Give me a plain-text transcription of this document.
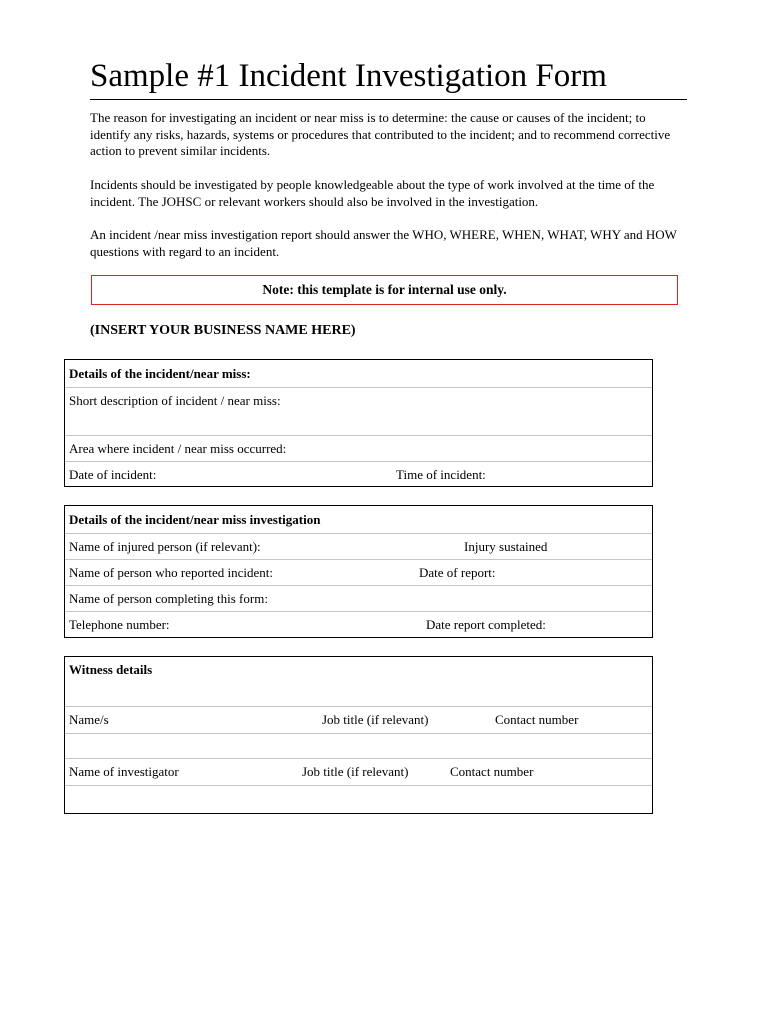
Sample #1 Incident Investigation Form

The reason for investigating an incident or near miss is to determine: the cause or causes of the incident; to identify any risks, hazards, systems or procedures that contributed to the incident; and to recommend corrective action to prevent similar incidents.

Incidents should be investigated by people knowledgeable about the type of work involved at the time of the incident. The JOHSC or relevant workers should also be involved in the investigation.

An incident /near miss investigation report should answer the WHO, WHERE, WHEN, WHAT, WHY and HOW questions with regard to an incident.

Note: this template is for internal use only.

(INSERT YOUR BUSINESS NAME HERE)

Details of the incident/near miss:
Short description of incident / near miss:
Area where incident / near miss occurred:
Date of incident:	Time of incident:
Details of the incident/near miss investigation
Name of injured person (if relevant):	Injury sustained
Name of person who reported incident:	Date of report:
Name of person completing this form:
Telephone number:	Date report completed:
Witness details
Name/s	Job title (if relevant)	Contact number
Name of investigator	Job title (if relevant)	Contact number
